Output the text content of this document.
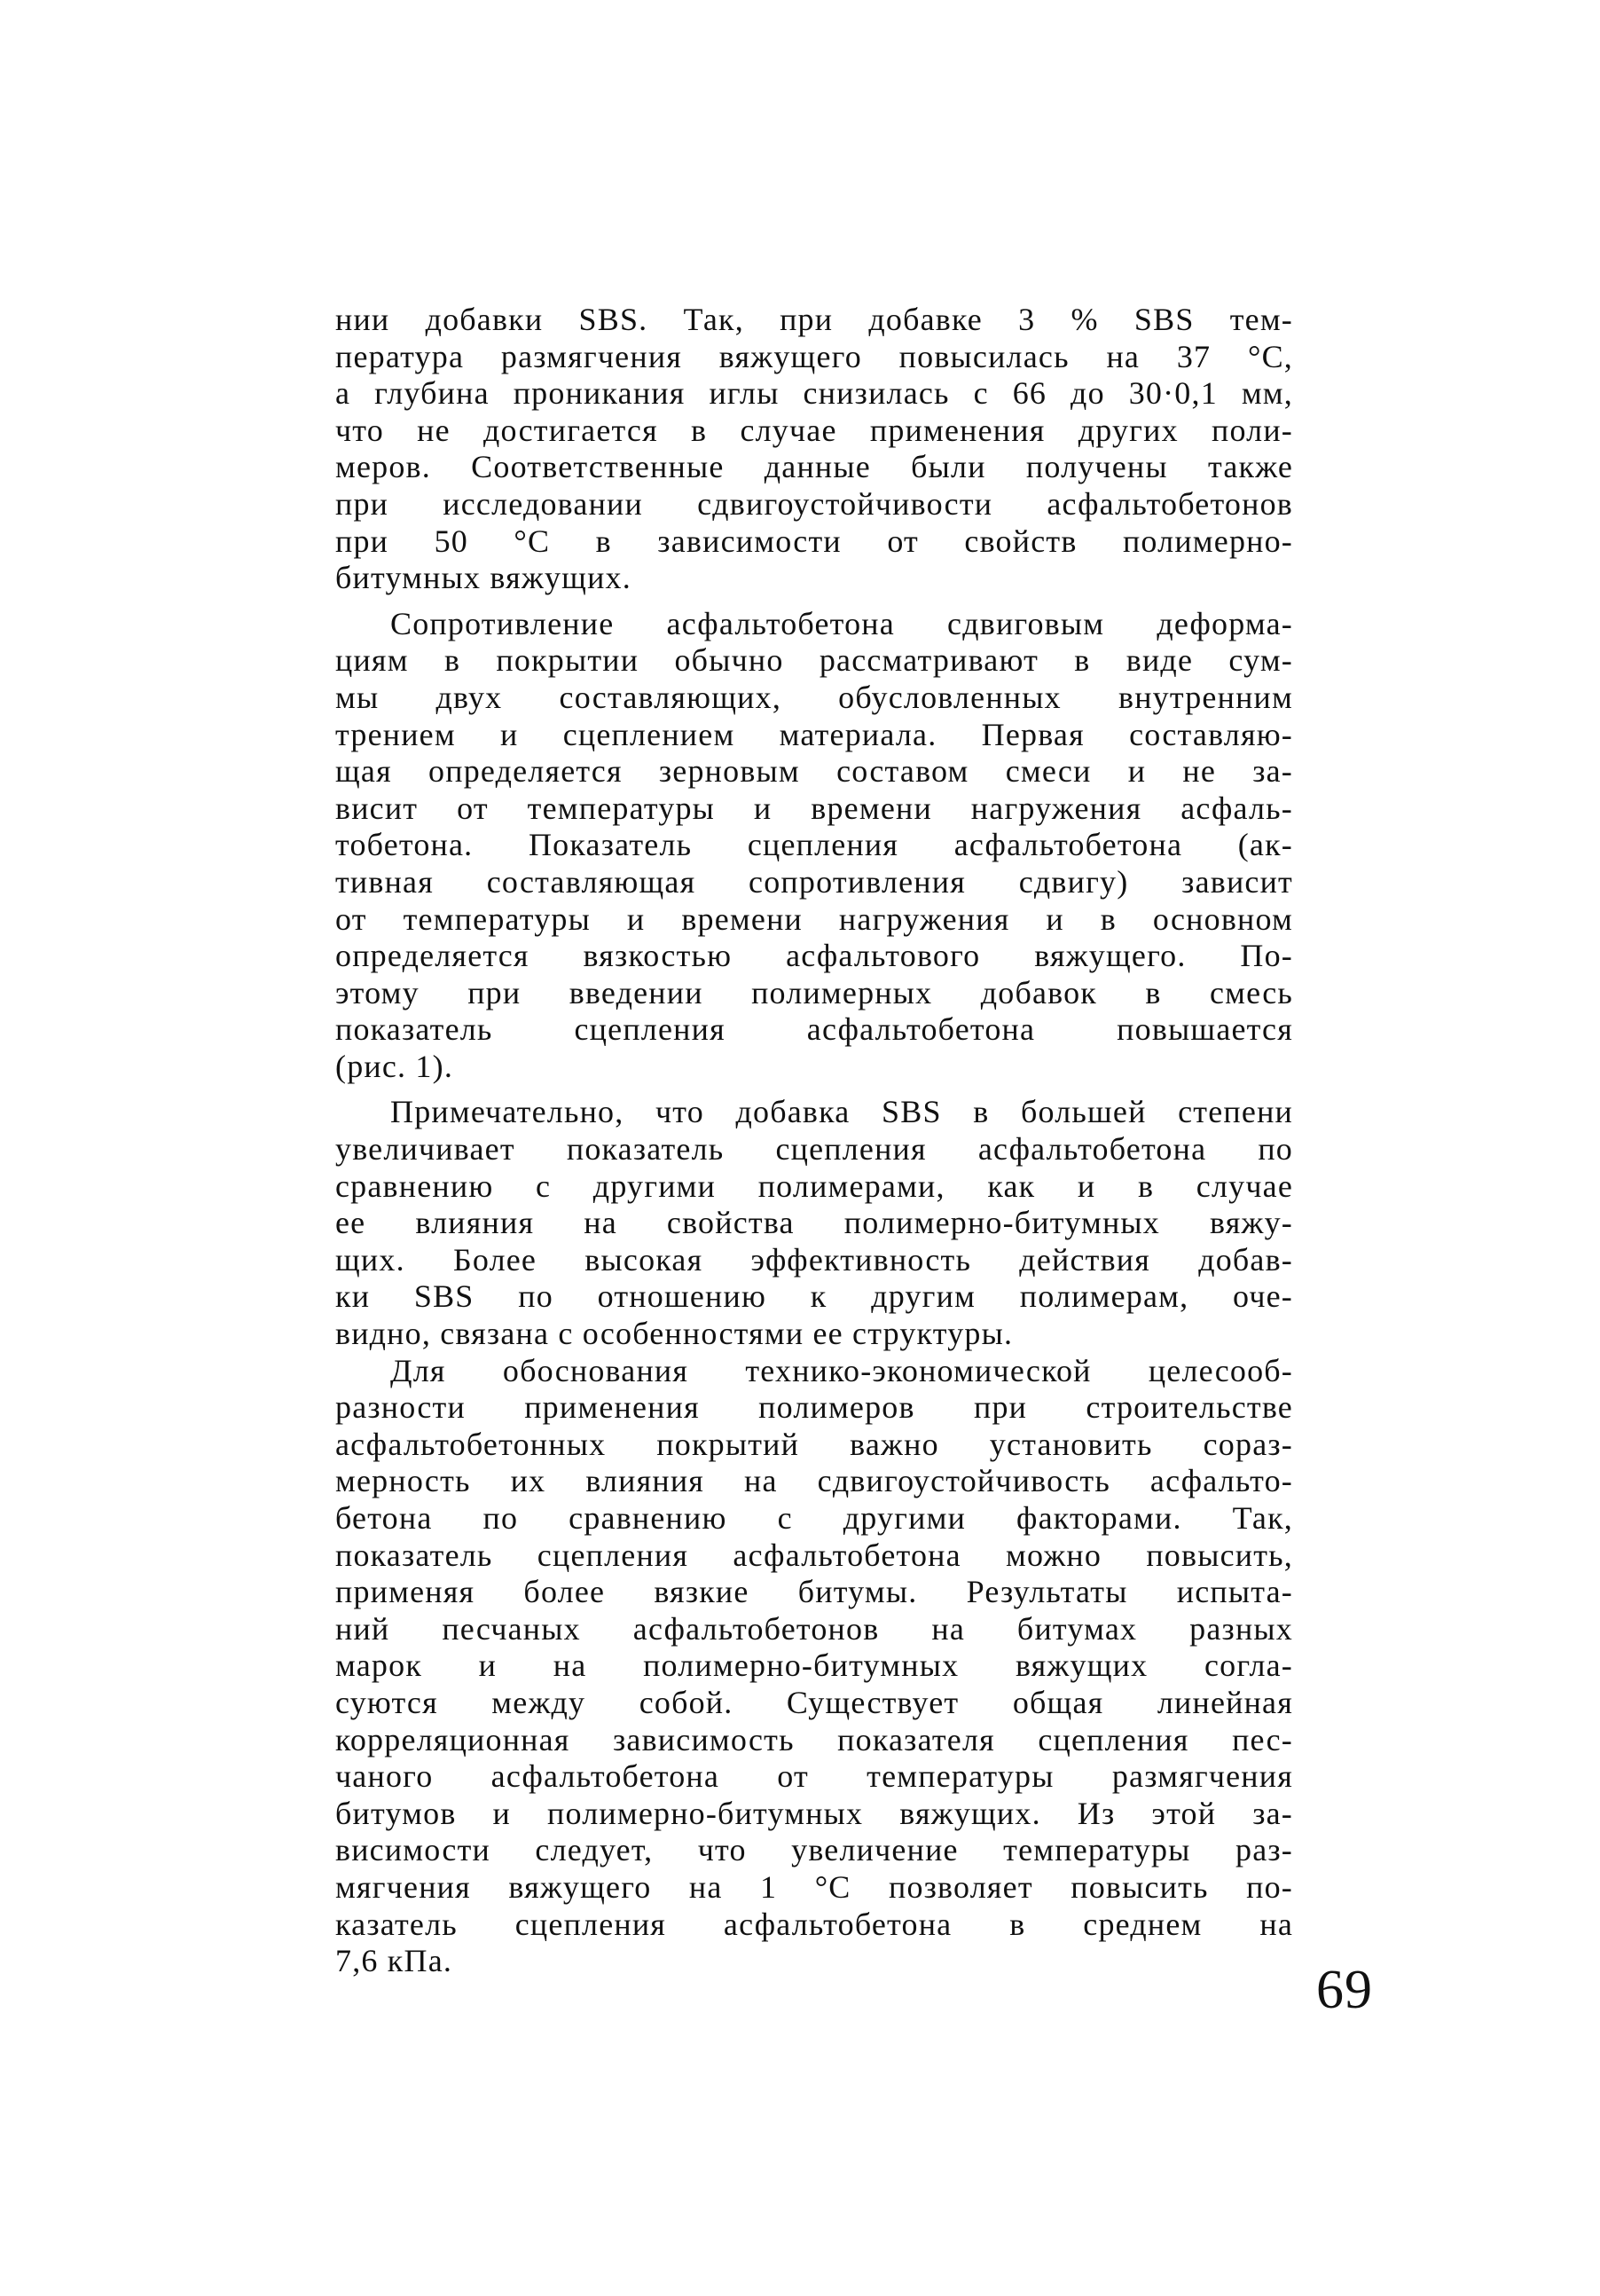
нии добавки SBS. Так, при добавке 3 % SBS тем-
пература размягчения вяжущего повысилась на 37 °С,
а глубина проникания иглы снизилась с 66 до 30·0,1 мм,
что не достигается в случае применения других поли-
меров. Соответственные данные были получены также
при исследовании сдвигоустойчивости асфальтобетонов
при 50 °С в зависимости от свойств полимерно-
битумных вяжущих.
Сопротивление асфальтобетона сдвиговым деформа-
циям в покрытии обычно рассматривают в виде сум-
мы двух составляющих, обусловленных внутренним
трением и сцеплением материала. Первая составляю-
щая определяется зерновым составом смеси и не за-
висит от температуры и времени нагружения асфаль-
тобетона. Показатель сцепления асфальтобетона (ак-
тивная составляющая сопротивления сдвигу) зависит
от температуры и времени нагружения и в основном
определяется вязкостью асфальтового вяжущего. По-
этому при введении полимерных добавок в смесь
показатель сцепления асфальтобетона повышается
(рис. 1).
Примечательно, что добавка SBS в большей степени
увеличивает показатель сцепления асфальтобетона по
сравнению с другими полимерами, как и в случае
ее влияния на свойства полимерно-битумных вяжу-
щих. Более высокая эффективность действия добав-
ки SBS по отношению к другим полимерам, оче-
видно, связана с особенностями ее структуры.
Для обоснования технико-экономической целесооб-
разности применения полимеров при строительстве
асфальтобетонных покрытий важно установить сораз-
мерность их влияния на сдвигоустойчивость асфальто-
бетона по сравнению с другими факторами. Так,
показатель сцепления асфальтобетона можно повысить,
применяя более вязкие битумы. Результаты испыта-
ний песчаных асфальтобетонов на битумах разных
марок и на полимерно-битумных вяжущих согла-
суются между собой. Существует общая линейная
корреляционная зависимость показателя сцепления пес-
чаного асфальтобетона от температуры размягчения
битумов и полимерно-битумных вяжущих. Из этой за-
висимости следует, что увеличение температуры раз-
мягчения вяжущего на 1 °С позволяет повысить по-
казатель сцепления асфальтобетона в среднем на
7,6 кПа.	69
